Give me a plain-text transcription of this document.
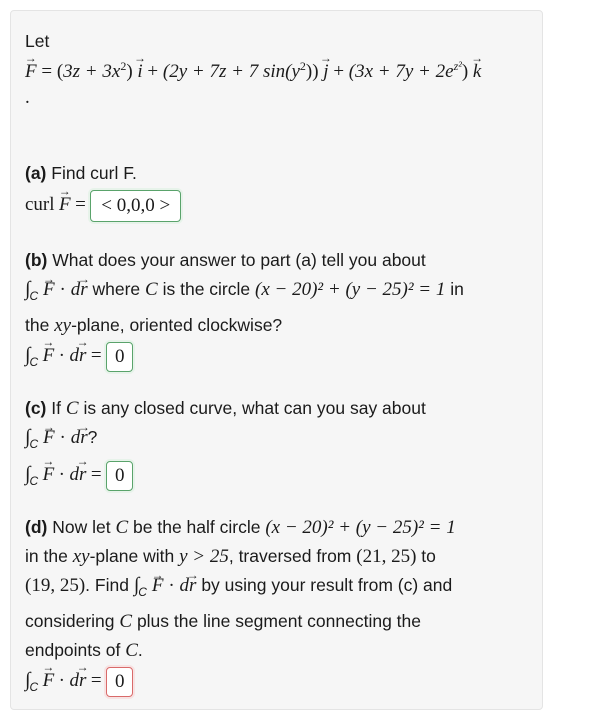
Let
→ $F = (3z + 3x^2) \to i + (2y + 7z + 7$ $\sin(y^2)) \to j + (3x + 7y + 2e^{z^2}) \to k$
.
(a) Find curl F.
curl → F = < 0,0,0 >
(b) What does your answer to part (a) tell you about
$\int_C \to F \cdot d\to r$ where C is the circle (x − 20)² + (y − 25)² = 1 in
the xy-plane, oriented clockwise?
$\int_C \to F \cdot d\to r = 0$
(c) If C is any closed curve, what can you say about
$\int_C \to F \cdot d\to r$?
$\int_C \to F \cdot d\to r = 0$
(d) Now let C be the half circle (x − 20)² + (y − 25)² = 1
in the xy-plane with y > 25, traversed from (21, 25) to
(19, 25). Find $\int_C \to F \cdot d\to r$ by using your result from (c) and
considering C plus the line segment connecting the
endpoints of C.
$\int_C \to F \cdot d\to r = 0$
